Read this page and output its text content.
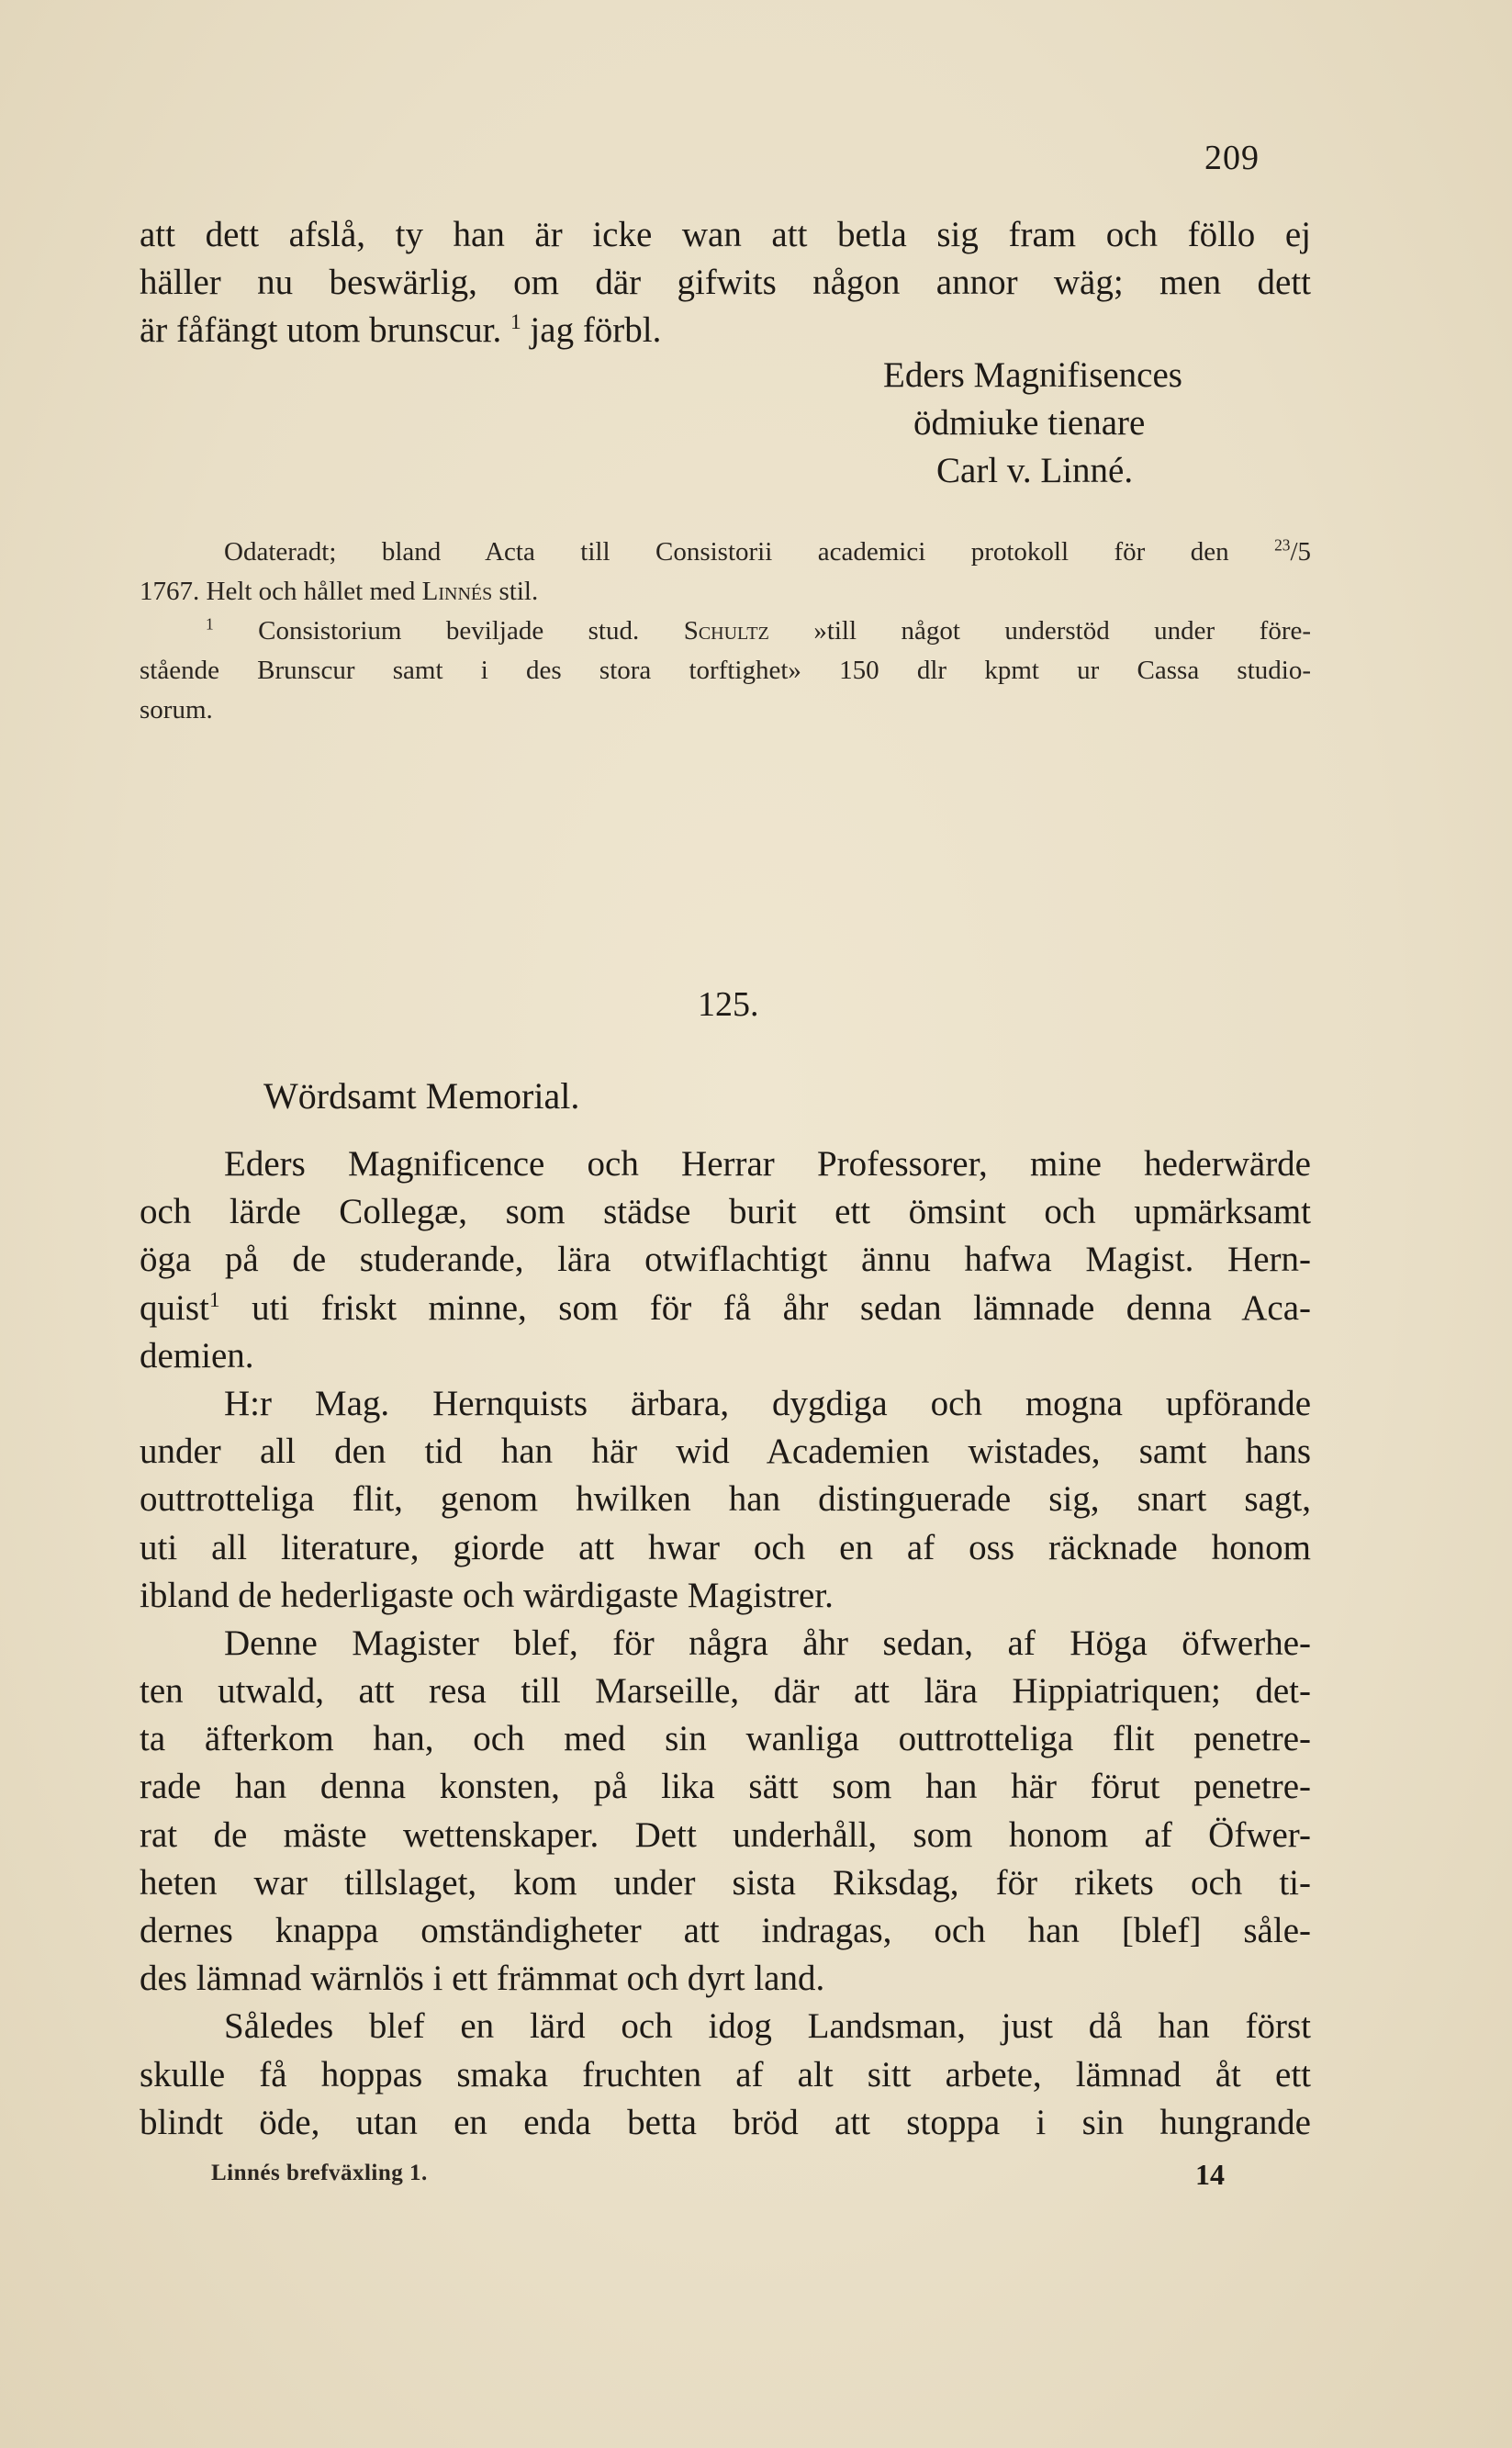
209
att dett afslå, ty han är icke wan att betla sig fram och föllo ej
häller nu beswärlig, om där gifwits någon annor wäg; men dett
är fåfängt utom brunscur. $^1$ jag förbl.
Eders Magnifisences
ödmiuke tienare
Carl v. Linné.
Odateradt; bland Acta till Consistorii academici protokoll för den	$^{23}$/5
1767. Helt och hållet med Linnés stil.
$^1$ Consistorium beviljade stud. Schultz »till något understöd under före-
stående Brunscur samt i des stora torftighet» 150 dlr kpmt ur Cassa studio-
sorum.
125.
Wördsamt Memorial.
Eders Magnificence och Herrar Professorer, mine hederwärde
och lärde Collegæ, som städse burit ett ömsint och upmärksamt
öga på de studerande, lära otwiflachtigt ännu hafwa Magist. Hern-
quist$^1$ uti friskt minne, som för få åhr sedan lämnade denna Aca-
demien.
H:r Mag. Hernquists ärbara, dygdiga och mogna upförande
under all den tid han här wid Academien wistades, samt hans
outtrotteliga flit, genom hwilken han distinguerade sig, snart sagt,
uti all literature, giorde att hwar och en af oss räcknade honom
ibland de hederligaste och wärdigaste Magistrer.
Denne Magister blef, för några åhr sedan, af Höga öfwerhe-
ten utwald, att resa till Marseille, där att lära Hippiatriquen; det-
ta äfterkom han, och med sin wanliga outtrotteliga flit penetre-
rade han denna konsten, på lika sätt som han här förut penetre-
rat de mäste wettenskaper. Dett underhåll, som honom af Öfwer-
heten war tillslaget, kom under sista Riksdag, för rikets och ti-
dernes knappa omständigheter att indragas, och han [blef] såle-
des lämnad wärnlös i ett främmat och dyrt land.
Således blef en lärd och idog Landsman, just då han först
skulle få hoppas smaka fruchten af alt sitt arbete, lämnad åt ett
blindt öde, utan en enda betta bröd att stoppa i sin hungrande
Linnés brefväxling 1.	14
